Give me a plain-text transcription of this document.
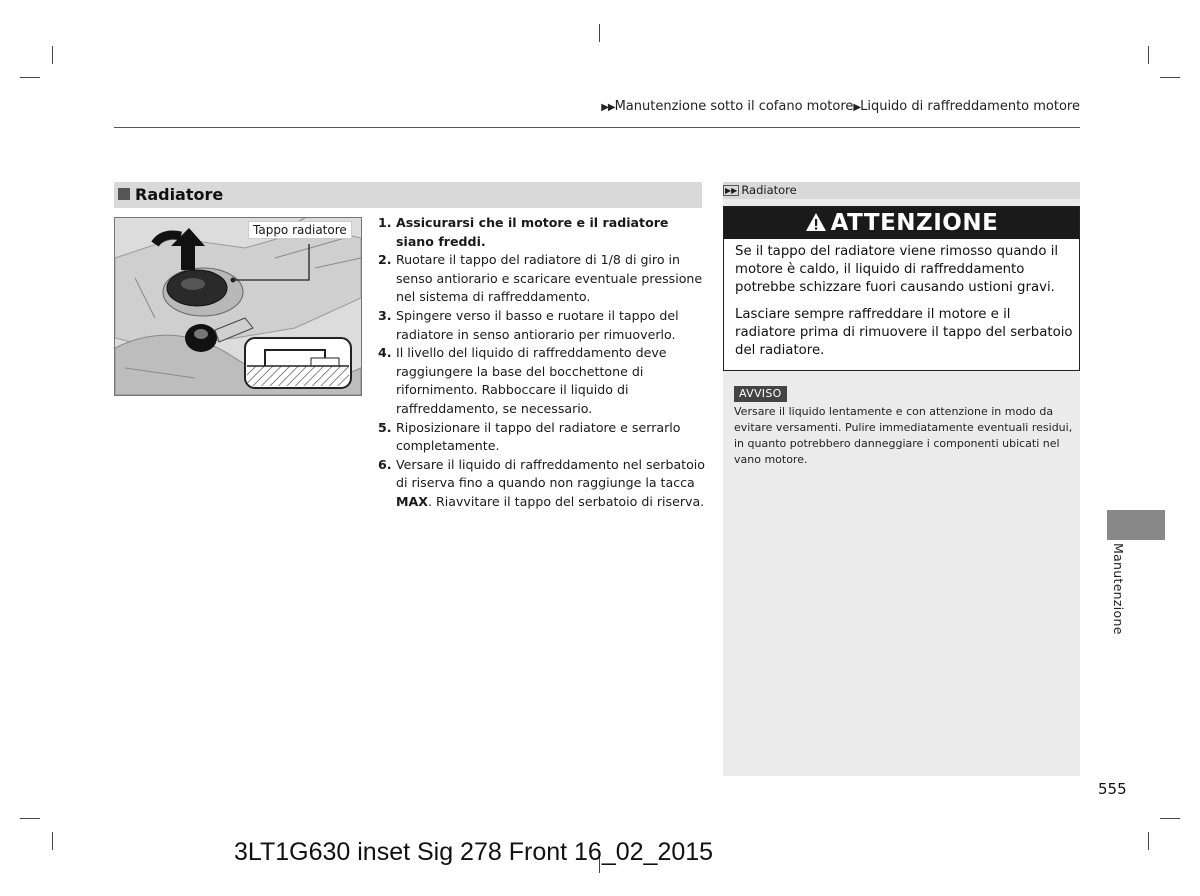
▶▶Manutenzione sotto il cofano motore▶Liquido di raffreddamento motore
Radiatore
Tappo radiatore	1. Assicurarsi che il motore e il radiatore siano freddi.
2. Ruotare il tappo del radiatore di 1/8 di giro in senso antiorario e scaricare eventuale pressione nel sistema di raffreddamento.
3. Spingere verso il basso e ruotare il tappo del radiatore in senso antiorario per rimuoverlo.
4. Il livello del liquido di raffreddamento deve raggiungere la base del bocchettone di rifornimento. Rabboccare il liquido di raffreddamento, se necessario.
5. Riposizionare il tappo del radiatore e serrarlo completamente.
6. Versare il liquido di raffreddamento nel serbatoio di riserva fino a quando non raggiunge la tacca MAX. Riavvitare il tappo del serbatoio di riserva.
▶▶ Radiatore
ATTENZIONE
Se il tappo del radiatore viene rimosso quando il motore è caldo, il liquido di raffreddamento potrebbe schizzare fuori causando ustioni gravi.
Lasciare sempre raffreddare il motore e il radiatore prima di rimuovere il tappo del serbatoio del radiatore.
AVVISO
Versare il liquido lentamente e con attenzione in modo da evitare versamenti. Pulire immediatamente eventuali residui, in quanto potrebbero danneggiare i componenti ubicati nel vano motore.
Manutenzione
555
3LT1G630 inset Sig 278 Front 16_02_2015
